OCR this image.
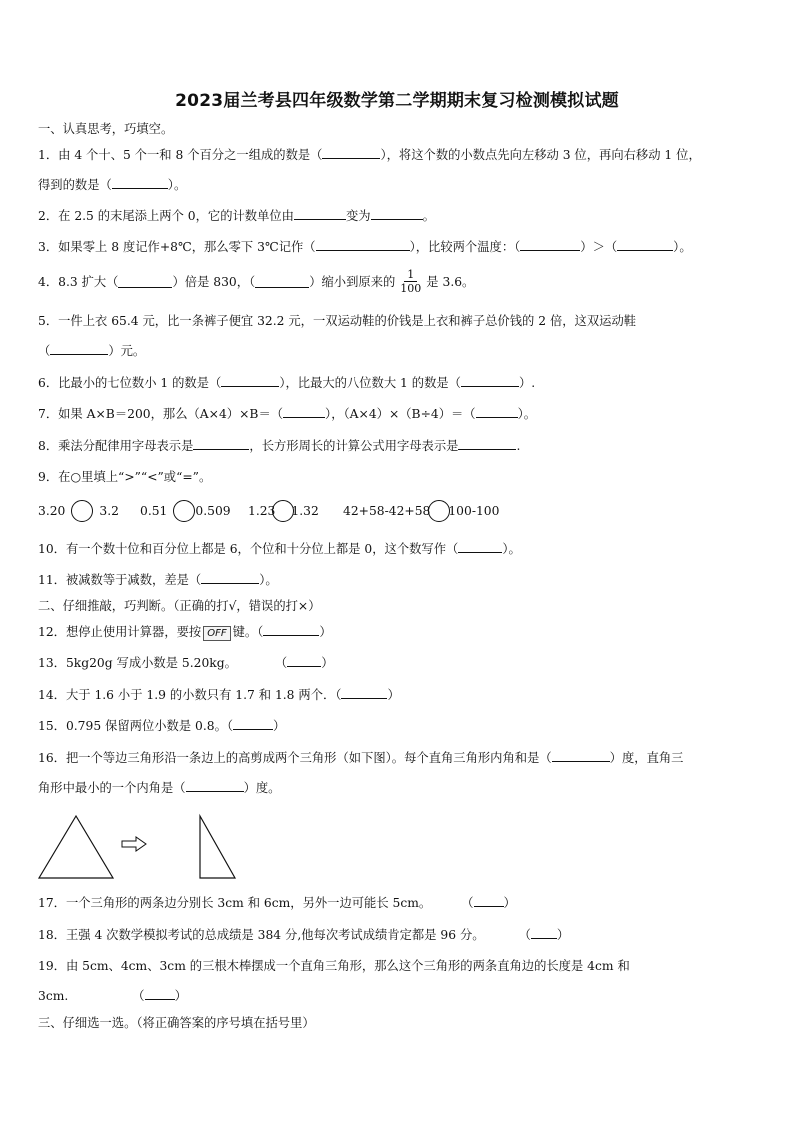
2023届兰考县四年级数学第二学期期末复习检测模拟试题
一、认真思考，巧填空。
1．由 4 个十、5 个一和 8 个百分之一组成的数是（	），将这个数的小数点先向左移动 3 位，再向右移动 1 位，
得到的数是（	）。
2．在 2.5 的末尾添上两个 0，它的计数单位由	变为	。
3．如果零上 8 度记作+8℃，那么零下 3℃记作（	），比较两个温度：（	）＞（	）。
4．8.3 扩大（	）倍是 830，（	）缩小到原来的 $\frac{1}{100}$ 是 3.6。
5．一件上衣 65.4 元，比一条裤子便宜 32.2 元，一双运动鞋的价钱是上衣和裤子总价钱的 2 倍，这双运动鞋
（	）元。
6．比最小的七位数小 1 的数是（	），比最大的八位数大 1 的数是（	）.
7．如果 A×B＝200，那么（A×4）×B＝（	），（A×4）×（B÷4）＝（	）。
8．乘法分配律用字母表示是	，长方形周长的计算公式用字母表示是	.
9．在○里填上“>”“<”或“=”。
3.20	3.2 0.51 0.509 1.23 1.32 42+58-42+58 100-100
10．有一个数十位和百分位上都是 6，个位和十分位上都是 0，这个数写作（	）。
11．被减数等于减数，差是（	）。
二、仔细推敲，巧判断。（正确的打√，错误的打×）
12．想停止使用计算器，要按 OFF 键。（	）
13．5kg20g 写成小数是 5.20kg。	（	）
14．大于 1.6 小于 1.9 的小数只有 1.7 和 1.8 两个．（	）
15．0.795 保留两位小数是 0.8。（	）
16．把一个等边三角形沿一条边上的高剪成两个三角形（如下图）。每个直角三角形内角和是（	）度，直角三
角形中最小的一个内角是（	）度。
17．一个三角形的两条边分别长 3cm 和 6cm，另外一边可能长 5cm。 （ ）
18．王强 4 次数学模拟考试的总成绩是 384 分,他每次考试成绩肯定都是 96 分。	（ ）
19．由 5cm、4cm、3cm 的三根木棒摆成一个直角三角形，那么这个三角形的两条直角边的长度是 4cm 和
3cm.	（ ）
三、仔细选一选。（将正确答案的序号填在括号里）
